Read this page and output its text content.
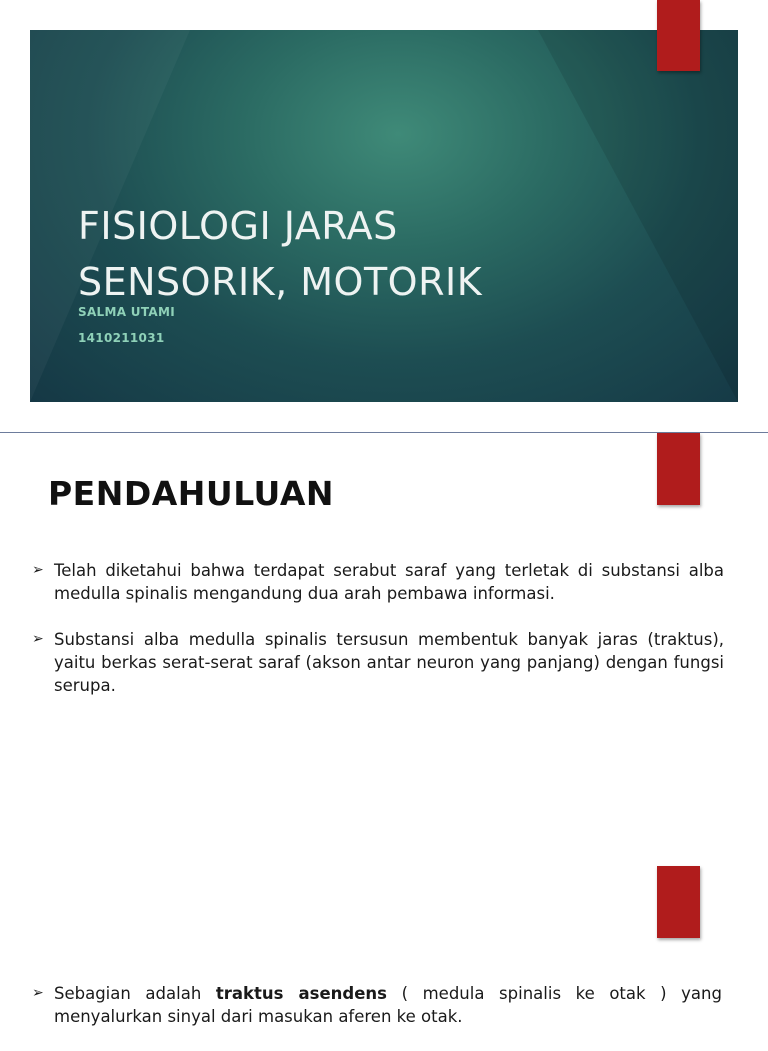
FISIOLOGI JARAS
SENSORIK, MOTORIK
SALMA UTAMI
1410211031
PENDAHULUAN
➢ Telah diketahui bahwa terdapat serabut saraf yang terletak di substansi alba medulla spinalis mengandung dua arah pembawa informasi.
➢ Substansi alba medulla spinalis tersusun membentuk banyak jaras (traktus), yaitu berkas serat-serat saraf (akson antar neuron yang panjang) dengan fungsi serupa.
➢ Sebagian adalah traktus asendens ( medula spinalis ke otak ) yang menyalurkan sinyal dari masukan aferen ke otak.
